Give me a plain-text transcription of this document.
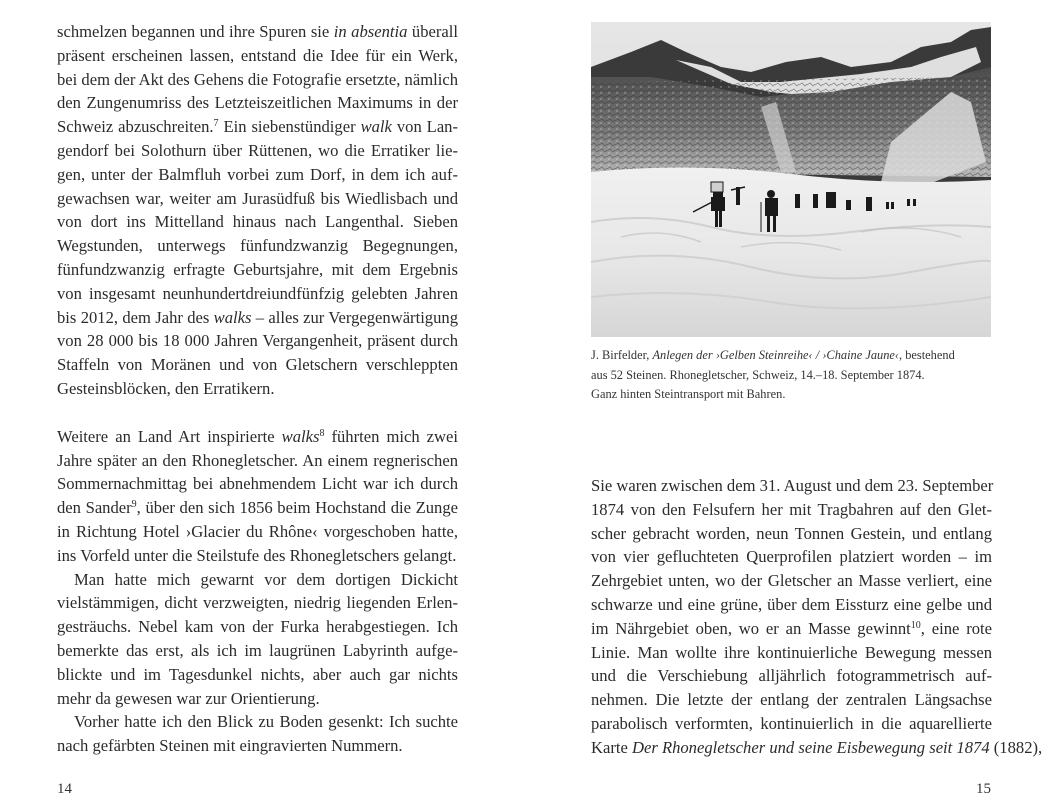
schmelzen begannen und ihre Spuren sie in absentia überall
präsent erscheinen lassen, entstand die Idee für ein Werk,
bei dem der Akt des Gehens die Fotografie ersetzte, nämlich
den Zungenumriss des Letzteiszeitlichen Maximums in der
Schweiz abzuschreiten.$^7$ Ein siebenstündiger walk von Lan-
gendorf bei Solothurn über Rüttenen, wo die Erratiker lie-
gen, unter der Balmfluh vorbei zum Dorf, in dem ich auf-
gewachsen war, weiter am Jurasüdfuß bis Wiedlisbach und
von dort ins Mittelland hinaus nach Langenthal. Sieben
Wegstunden, unterwegs fünfundzwanzig Begegnungen,
fünfundzwanzig erfragte Geburtsjahre, mit dem Ergebnis
von insgesamt neunhundertdreiundfünfzig gelebten Jahren
bis 2012, dem Jahr des walks – alles zur Vergegenwärtigung
von 28 000 bis 18 000 Jahren Vergangenheit, präsent durch
Staffeln von Moränen und von Gletschern verschleppten
Gesteinsblöcken, den Erratikern.

Weitere an Land Art inspirierte walks$^8$ führten mich zwei
Jahre später an den Rhonegletscher. An einem regnerischen
Sommernachmittag bei abnehmendem Licht war ich durch
den Sander$^9$, über den sich 1856 beim Hochstand die Zunge
in Richtung Hotel ›Glacier du Rhône‹ vorgeschoben hatte,
ins Vorfeld unter die Steilstufe des Rhonegletschers gelangt.

Man hatte mich gewarnt vor dem dortigen Dickicht
vielstämmigen, dicht verzweigten, niedrig liegenden Erlen-
gesträuchs. Nebel kam von der Furka herabgestiegen. Ich
bemerkte das erst, als ich im laugrünen Labyrinth aufge-
blickte und im Tagesdunkel nichts, aber auch gar nichts
mehr da gewesen war zur Orientierung.

Vorher hatte ich den Blick zu Boden gesenkt: Ich suchte
nach gefärbten Steinen mit eingravierten Nummern.

14
J. Birfelder, Anlegen der ›Gelben Steinreihe‹ / ›Chaine Jaune‹, bestehend
aus 52 Steinen. Rhonegletscher, Schweiz, 14.–18. September 1874.
Ganz hinten Steintransport mit Bahren.

Sie waren zwischen dem 31. August und dem 23. September
1874 von den Felsufern her mit Tragbahren auf den Glet-
scher gebracht worden, neun Tonnen Gestein, und entlang
von vier gefluchteten Querprofilen platziert worden – im
Zehrgebiet unten, wo der Gletscher an Masse verliert, eine
schwarze und eine grüne, über dem Eissturz eine gelbe und
im Nährgebiet oben, wo er an Masse gewinnt$^{10}$, eine rote
Linie. Man wollte ihre kontinuierliche Bewegung messen
und die Verschiebung alljährlich fotogrammetrisch auf-
nehmen. Die letzte der entlang der zentralen Längsachse
parabolisch verformten, kontinuierlich in die aquarellierte
Karte Der Rhonegletscher und seine Eisbewegung seit 1874 (1882),

15
